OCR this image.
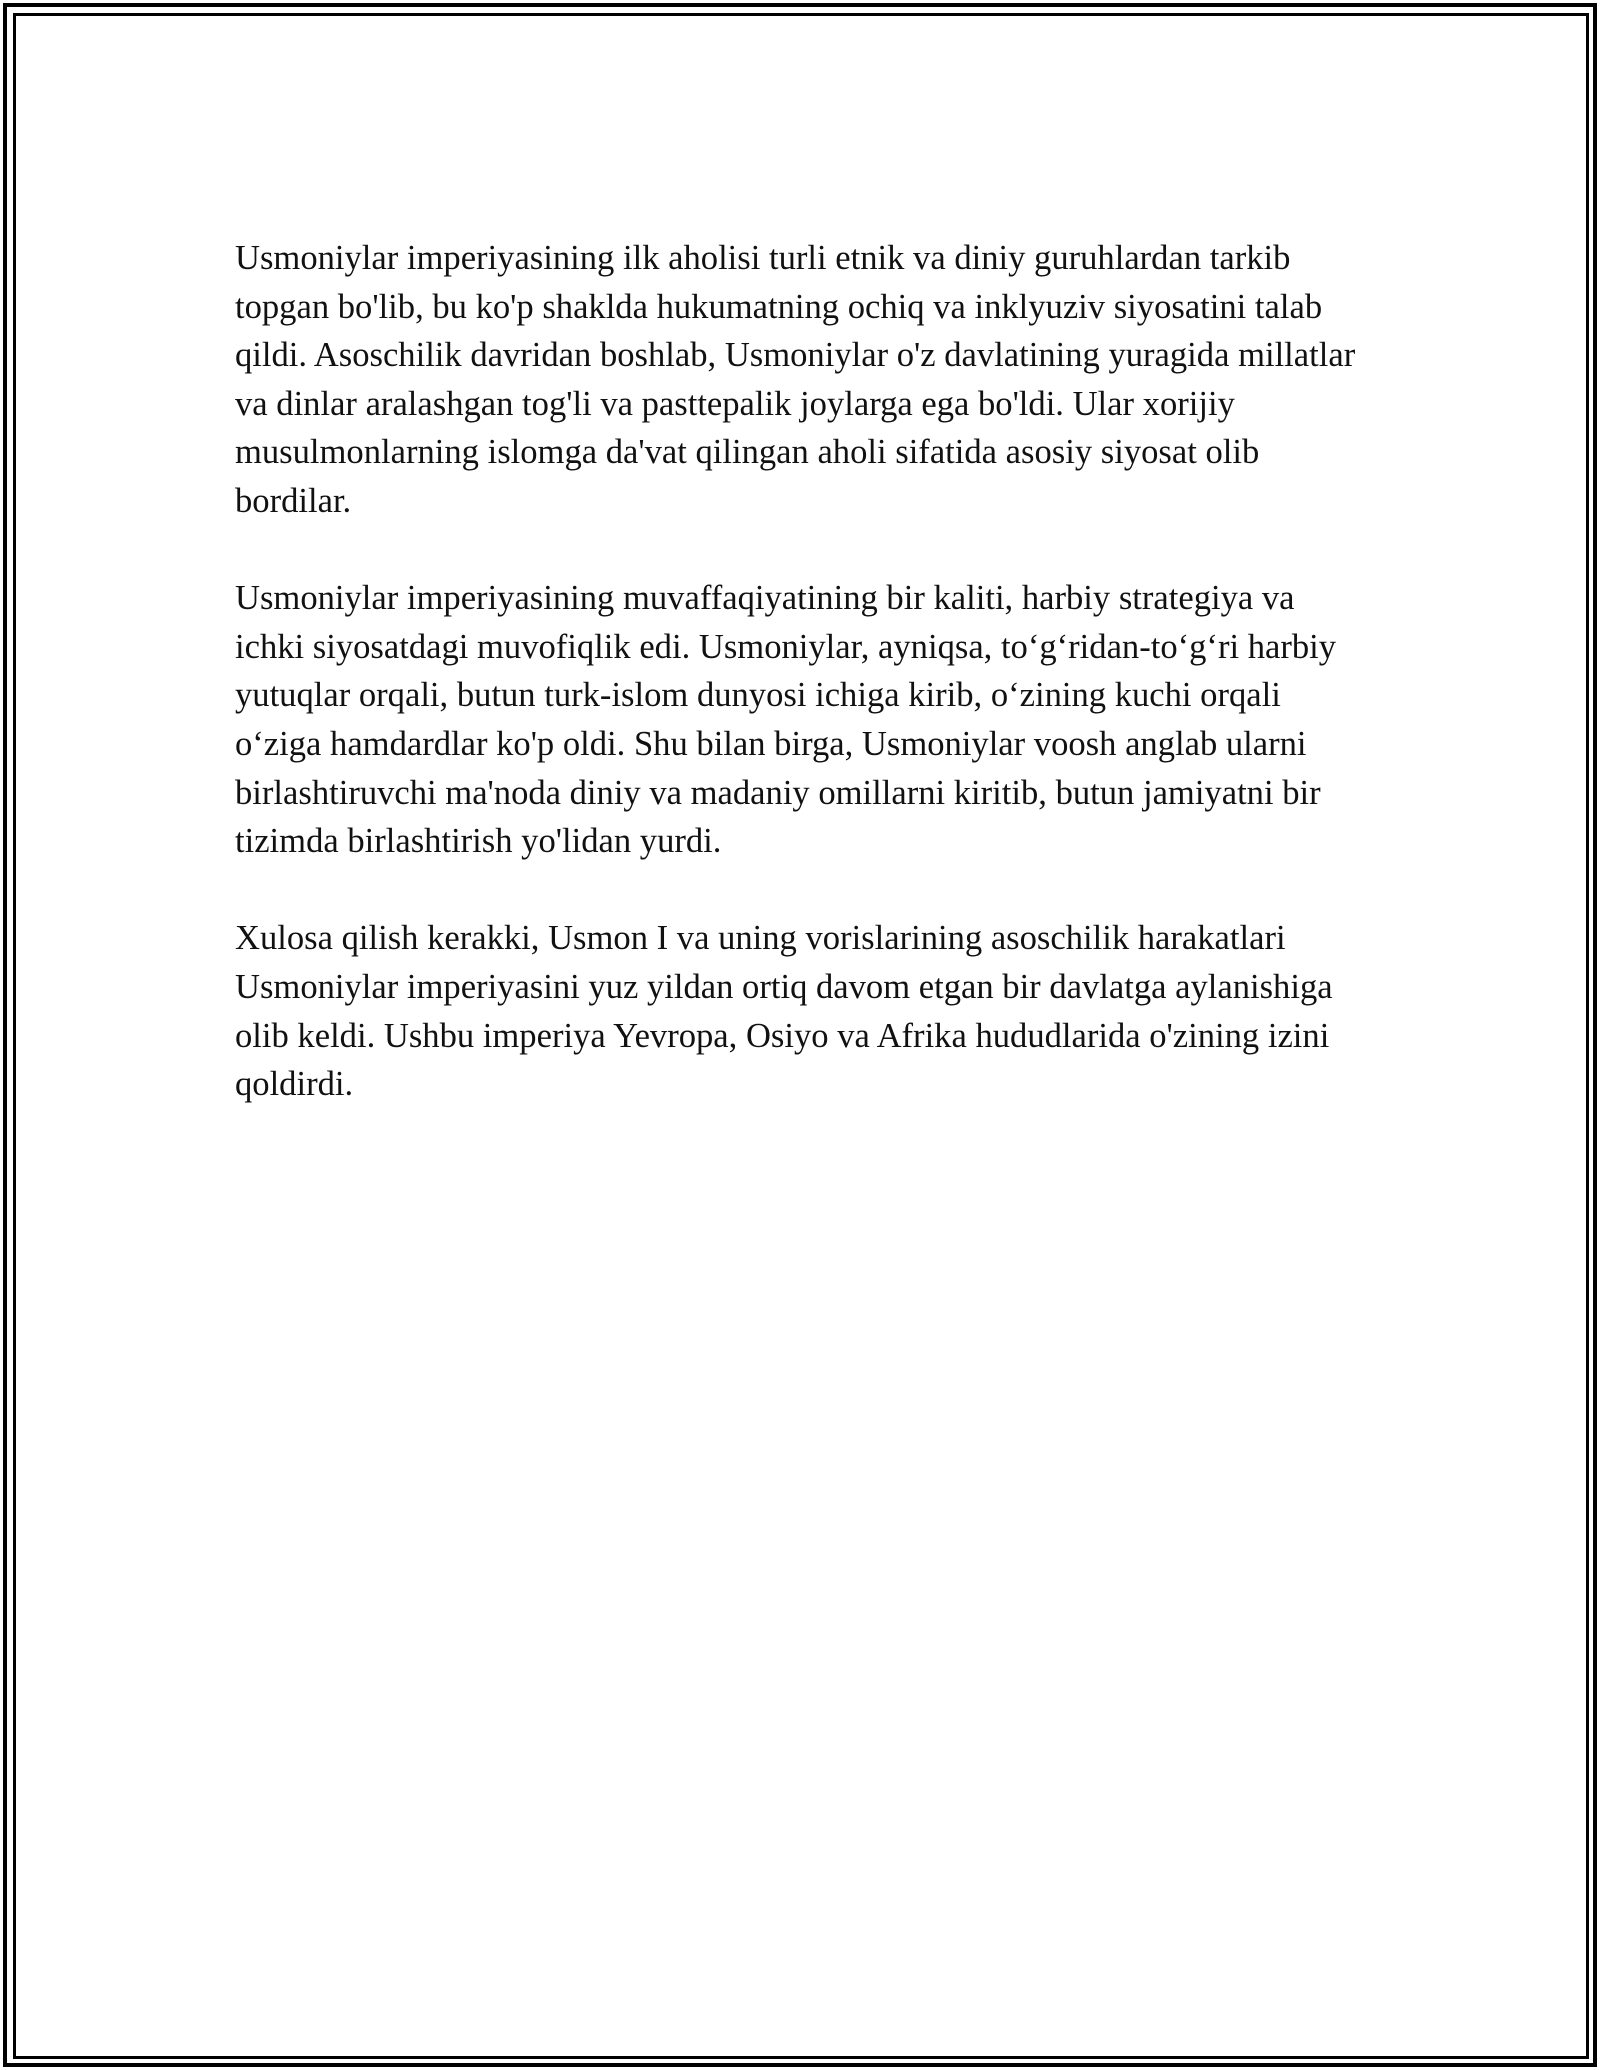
Usmoniylar imperiyasining ilk aholisi turli etnik va diniy guruhlardan tarkib topgan bo'lib, bu ko'p shaklda hukumatning ochiq va inklyuziv siyosatini talab qildi. Asoschilik davridan boshlab, Usmoniylar o'z davlatining yuragida millatlar va dinlar aralashgan tog'li va pasttepalik joylarga ega bo'ldi. Ular xorijiy musulmonlarning islomga da'vat qilingan aholi sifatida asosiy siyosat olib bordilar.

Usmoniylar imperiyasining muvaffaqiyatining bir kaliti, harbiy strategiya va ichki siyosatdagi muvofiqlik edi. Usmoniylar, ayniqsa, to‘g‘ridan-to‘g‘ri harbiy yutuqlar orqali, butun turk-islom dunyosi ichiga kirib, o‘zining kuchi orqali o‘ziga hamdardlar ko'p oldi. Shu bilan birga, Usmoniylar voosh anglab ularni birlashtiruvchi ma'noda diniy va madaniy omillarni kiritib, butun jamiyatni bir tizimda birlashtirish yo'lidan yurdi.

Xulosa qilish kerakki, Usmon I va uning vorislarining asoschilik harakatlari Usmoniylar imperiyasini yuz yildan ortiq davom etgan bir davlatga aylanishiga olib keldi. Ushbu imperiya Yevropa, Osiyo va Afrika hududlarida o'zining izini qoldirdi.
